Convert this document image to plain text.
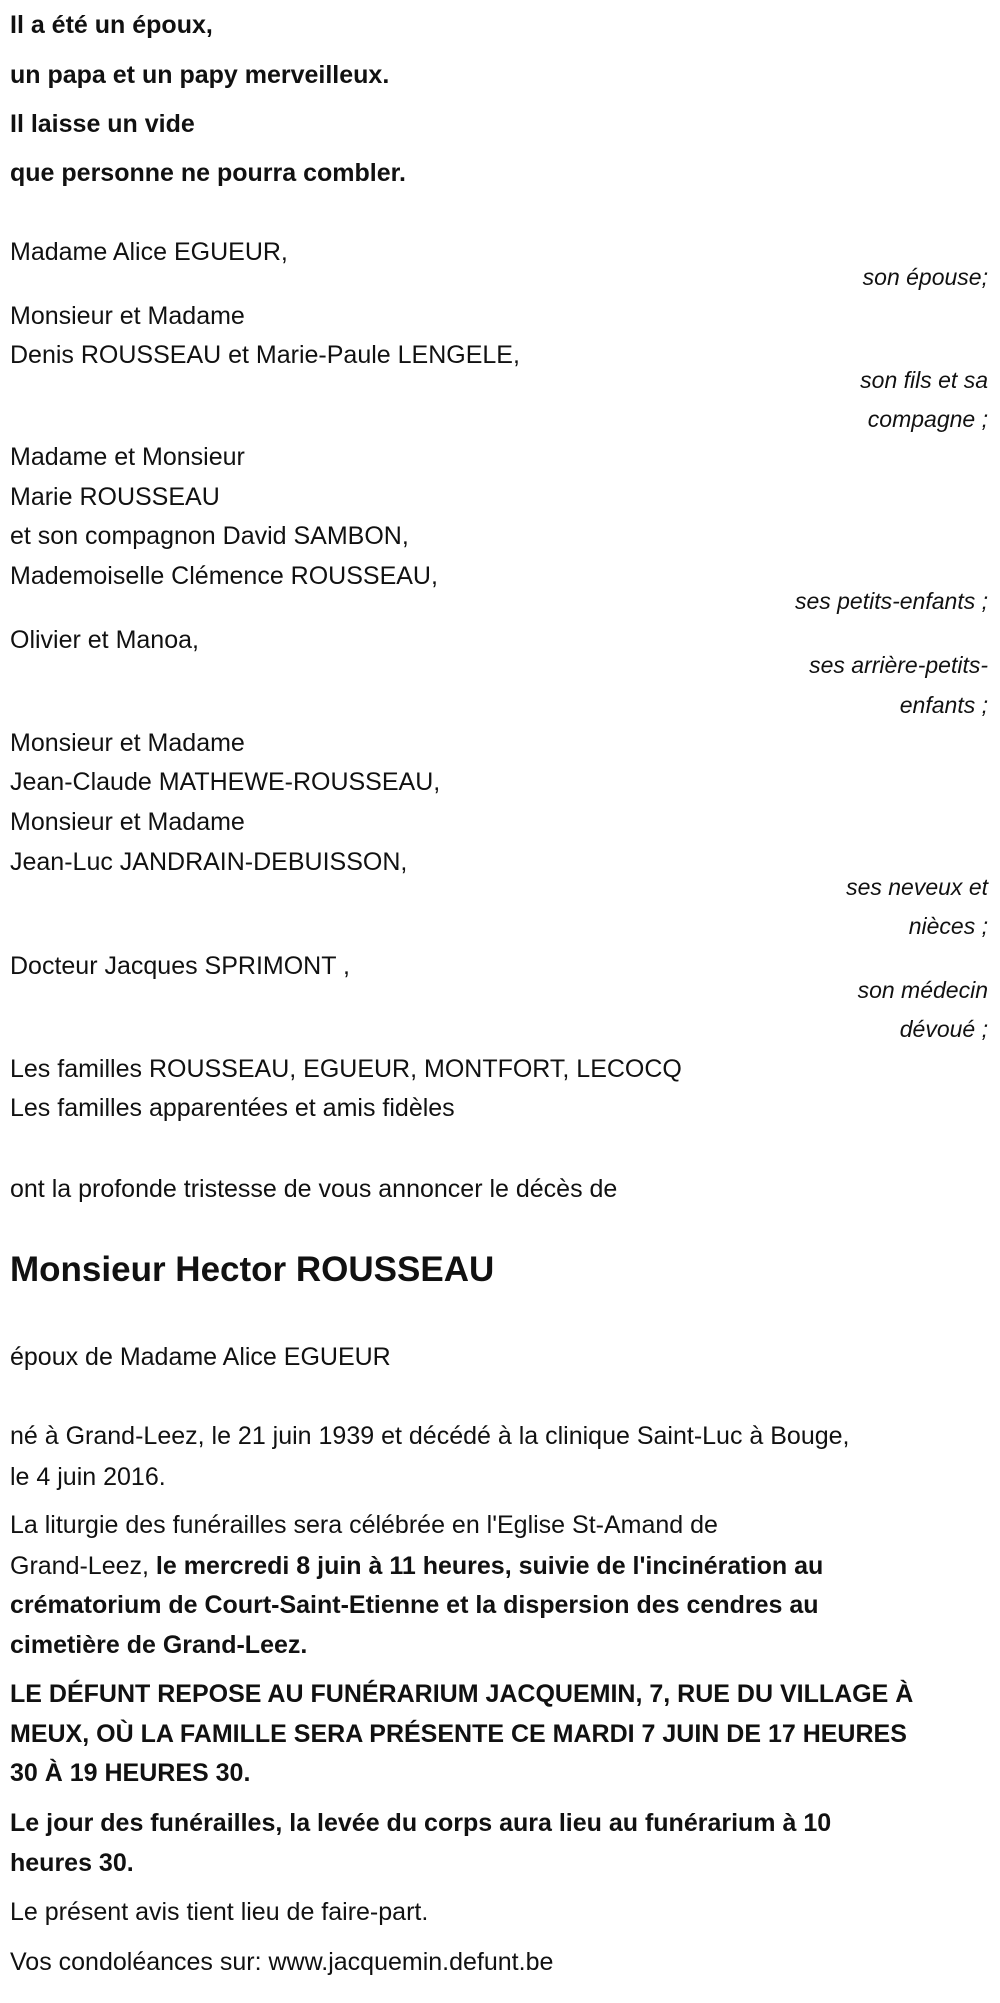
Il a été un époux,
un papa et un papy merveilleux.
Il laisse un vide
que personne ne pourra combler.
Madame Alice EGUEUR,
son épouse;
Monsieur et Madame
Denis ROUSSEAU et Marie-Paule LENGELE,
son fils et sa
compagne ;
Madame et Monsieur
Marie ROUSSEAU
et son compagnon David SAMBON,
Mademoiselle Clémence ROUSSEAU,
ses petits-enfants ;
Olivier et Manoa,
ses arrière-petits-
enfants ;
Monsieur et Madame
Jean-Claude MATHEWE-ROUSSEAU,
Monsieur et Madame
Jean-Luc JANDRAIN-DEBUISSON,
ses neveux et
nièces ;
Docteur Jacques SPRIMONT ,
son médecin
dévoué ;
Les familles ROUSSEAU, EGUEUR, MONTFORT, LECOCQ
Les familles apparentées et amis fidèles
ont la profonde tristesse de vous annoncer le décès de
Monsieur Hector ROUSSEAU
époux de Madame Alice EGUEUR
né à Grand-Leez, le 21 juin 1939 et décédé à la clinique Saint-Luc à Bouge,
le 4 juin 2016.
La liturgie des funérailles sera célébrée en l'Eglise St-Amand de
Grand-Leez, le mercredi 8 juin à 11 heures, suivie de l'incinération au
crématorium de Court-Saint-Etienne et la dispersion des cendres au
cimetière de Grand-Leez.
LE DÉFUNT REPOSE AU FUNÉRARIUM JACQUEMIN, 7, RUE DU VILLAGE À
MEUX, OÙ LA FAMILLE SERA PRÉSENTE CE MARDI 7 JUIN DE 17 HEURES
30 À 19 HEURES 30.
Le jour des funérailles, la levée du corps aura lieu au funérarium à 10
heures 30.
Le présent avis tient lieu de faire-part.
Vos condoléances sur: www.jacquemin.defunt.be
